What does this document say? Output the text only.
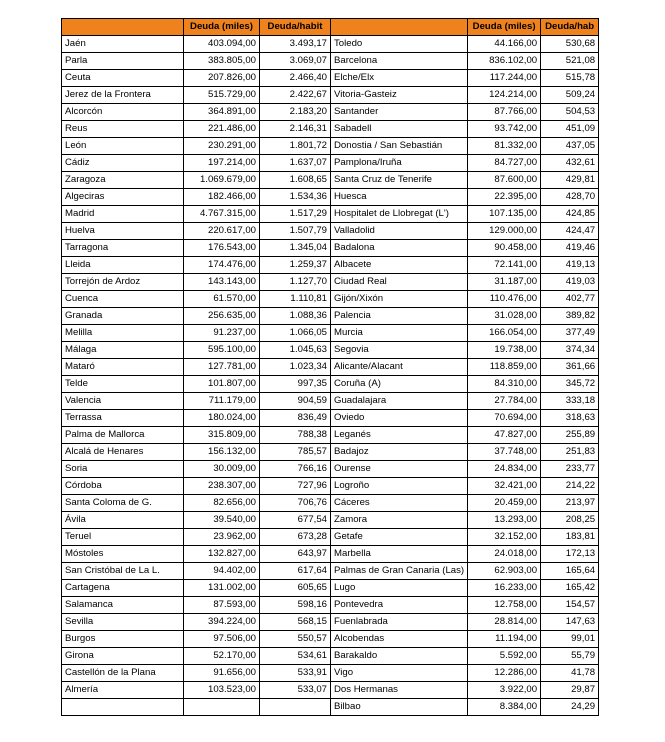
	Deuda (miles)	Deuda/habit		Deuda (miles)	Deuda/hab
Jaén	403.094,00	3.493,17	Toledo	44.166,00	530,68
Parla	383.805,00	3.069,07	Barcelona	836.102,00	521,08
Ceuta	207.826,00	2.466,40	Elche/Elx	117.244,00	515,78
Jerez de la Frontera	515.729,00	2.422,67	Vitoria-Gasteiz	124.214,00	509,24
Alcorcón	364.891,00	2.183,20	Santander	87.766,00	504,53
Reus	221.486,00	2.146,31	Sabadell	93.742,00	451,09
León	230.291,00	1.801,72	Donostia / San Sebastián	81.332,00	437,05
Cádiz	197.214,00	1.637,07	Pamplona/Iruña	84.727,00	432,61
Zaragoza	1.069.679,00	1.608,65	Santa Cruz de Tenerife	87.600,00	429,81
Algeciras	182.466,00	1.534,36	Huesca	22.395,00	428,70
Madrid	4.767.315,00	1.517,29	Hospitalet de Llobregat (L')	107.135,00	424,85
Huelva	220.617,00	1.507,79	Valladolid	129.000,00	424,47
Tarragona	176.543,00	1.345,04	Badalona	90.458,00	419,46
Lleida	174.476,00	1.259,37	Albacete	72.141,00	419,13
Torrejón de Ardoz	143.143,00	1.127,70	Ciudad Real	31.187,00	419,03
Cuenca	61.570,00	1.110,81	Gijón/Xixón	110.476,00	402,77
Granada	256.635,00	1.088,36	Palencia	31.028,00	389,82
Melilla	91.237,00	1.066,05	Murcia	166.054,00	377,49
Málaga	595.100,00	1.045,63	Segovia	19.738,00	374,34
Mataró	127.781,00	1.023,34	Alicante/Alacant	118.859,00	361,66
Telde	101.807,00	997,35	Coruña (A)	84.310,00	345,72
Valencia	711.179,00	904,59	Guadalajara	27.784,00	333,18
Terrassa	180.024,00	836,49	Oviedo	70.694,00	318,63
Palma de Mallorca	315.809,00	788,38	Leganés	47.827,00	255,89
Alcalá de Henares	156.132,00	785,57	Badajoz	37.748,00	251,83
Soria	30.009,00	766,16	Ourense	24.834,00	233,77
Córdoba	238.307,00	727,96	Logroño	32.421,00	214,22
Santa Coloma de G.	82.656,00	706,76	Cáceres	20.459,00	213,97
Ávila	39.540,00	677,54	Zamora	13.293,00	208,25
Teruel	23.962,00	673,28	Getafe	32.152,00	183,81
Móstoles	132.827,00	643,97	Marbella	24.018,00	172,13
San Cristóbal de La L.	94.402,00	617,64	Palmas de Gran Canaria (Las)	62.903,00	165,64
Cartagena	131.002,00	605,65	Lugo	16.233,00	165,42
Salamanca	87.593,00	598,16	Pontevedra	12.758,00	154,57
Sevilla	394.224,00	568,15	Fuenlabrada	28.814,00	147,63
Burgos	97.506,00	550,57	Alcobendas	11.194,00	99,01
Girona	52.170,00	534,61	Barakaldo	5.592,00	55,79
Castellón de la Plana	91.656,00	533,91	Vigo	12.286,00	41,78
Almería	103.523,00	533,07	Dos Hermanas	3.922,00	29,87
			Bilbao	8.384,00	24,29
